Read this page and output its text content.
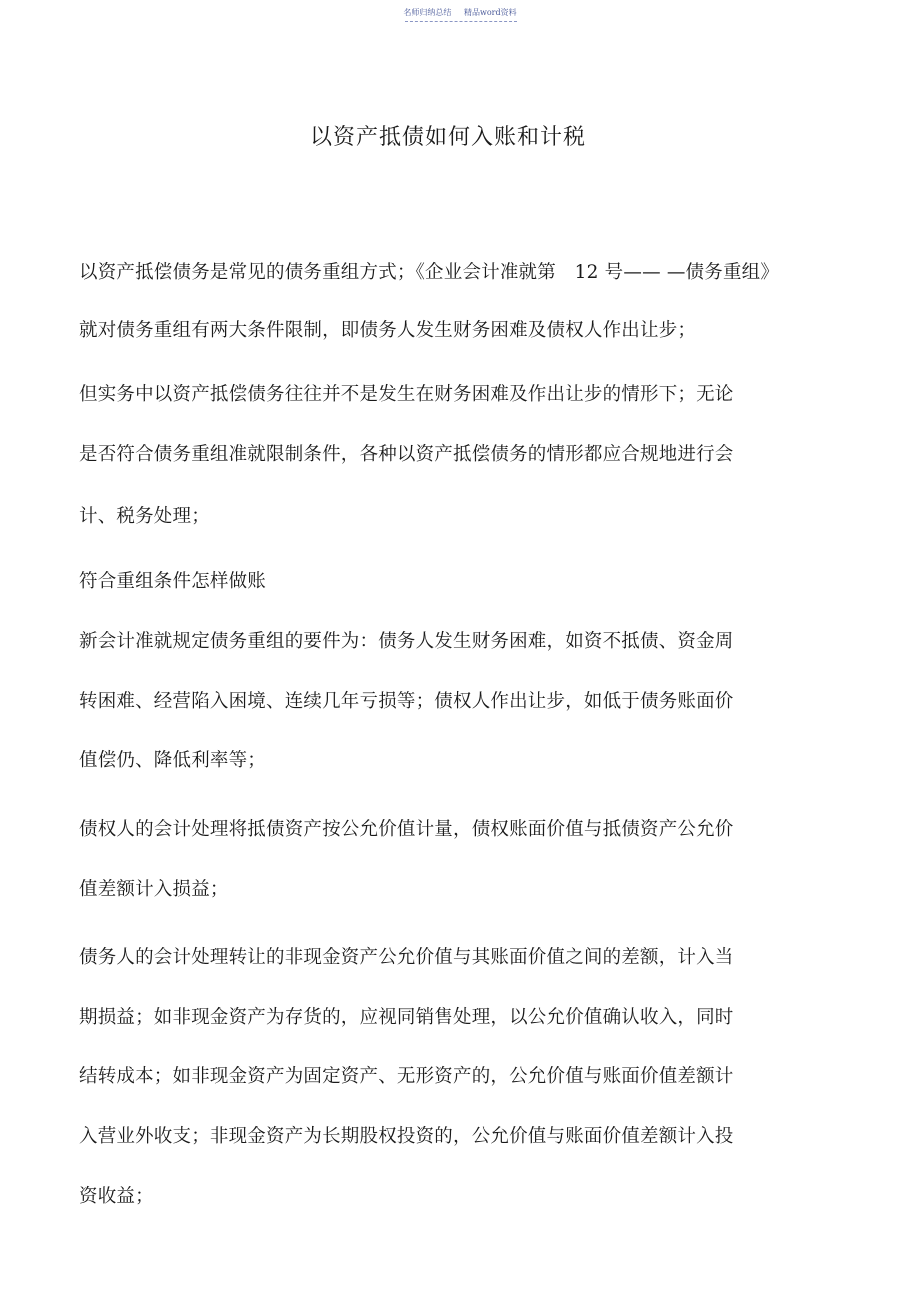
名师归纳总结 精品word资料
以资产抵债如何入账和计税
以资产抵偿债务是常见的债务重组方式；《企业会计准就第　12 号—— —债务重组》
就对债务重组有两大条件限制，即债务人发生财务困难及债权人作出让步；
但实务中以资产抵偿债务往往并不是发生在财务困难及作出让步的情形下；无论
是否符合债务重组准就限制条件，各种以资产抵偿债务的情形都应合规地进行会
计、税务处理；
符合重组条件怎样做账
新会计准就规定债务重组的要件为：债务人发生财务困难，如资不抵债、资金周
转困难、经营陷入困境、连续几年亏损等；债权人作出让步，如低于债务账面价
值偿仍、降低利率等；
债权人的会计处理将抵债资产按公允价值计量，债权账面价值与抵债资产公允价
值差额计入损益；
债务人的会计处理转让的非现金资产公允价值与其账面价值之间的差额，计入当
期损益；如非现金资产为存货的，应视同销售处理，以公允价值确认收入，同时
结转成本；如非现金资产为固定资产、无形资产的，公允价值与账面价值差额计
入营业外收支；非现金资产为长期股权投资的，公允价值与账面价值差额计入投
资收益；
